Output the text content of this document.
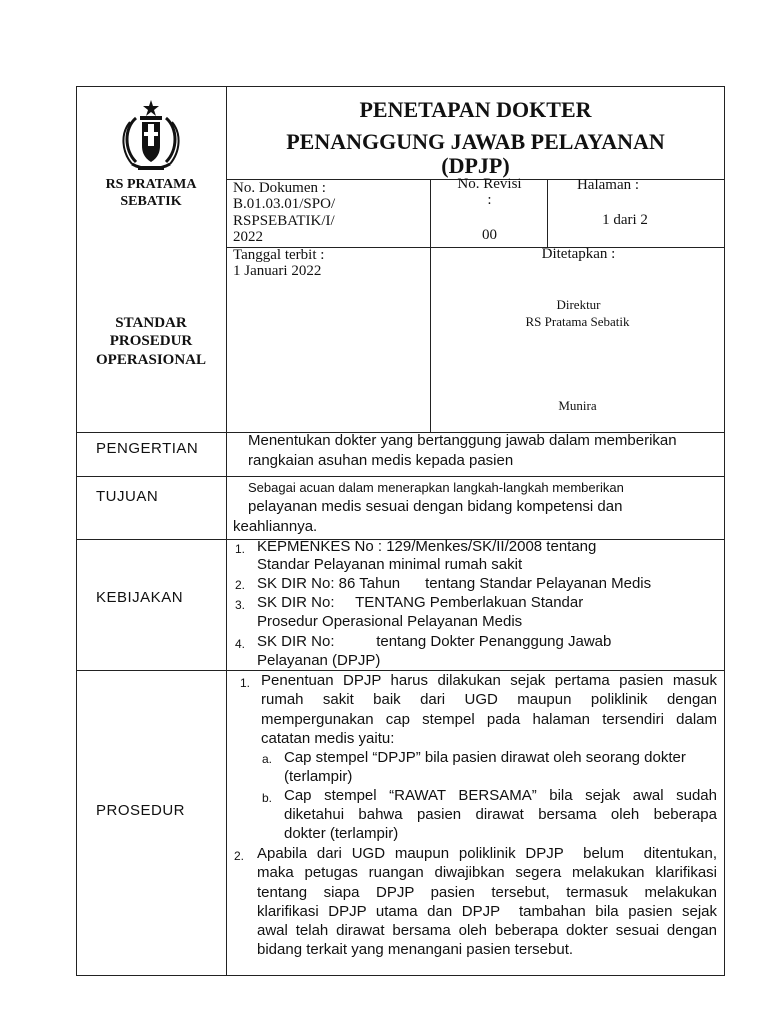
RS PRATAMA
SEBATIK
PENETAPAN DOKTER
PENANGGUNG JAWAB PELAYANAN
(DPJP)
No. Dokumen :
B.01.03.01/SPO/
RSPSEBATIK/I/
2022
No. Revisi
:
00
Halaman :
1 dari 2
STANDAR
PROSEDUR
OPERASIONAL
Tanggal terbit :
1 Januari 2022
Ditetapkan :
Direktur
RS Pratama Sebatik
Munira
PENGERTIAN	Menentukan dokter yang bertanggung jawab dalam memberikan
rangkaian asuhan medis kepada pasien
TUJUAN
Sebagai acuan dalam menerapkan langkah-langkah memberikan
pelayanan medis sesuai dengan bidang kompetensi dan
keahliannya.
KEBIJAKAN
1. KEPMENKES No : 129/Menkes/SK/II/2008 tentang
Standar Pelayanan minimal rumah sakit
2. SK DIR No: 86 Tahun      tentang Standar Pelayanan Medis
3. SK DIR No:     TENTANG Pemberlakuan Standar
Prosedur Operasional Pelayanan Medis
4. SK DIR No:          tentang Dokter Penanggung Jawab
Pelayanan (DPJP)
PROSEDUR
1. Penentuan DPJP harus dilakukan sejak pertama pasien masuk
rumah sakit baik dari UGD maupun poliklinik dengan
mempergunakan cap stempel pada halaman tersendiri dalam
catatan medis yaitu:
a. Cap stempel “DPJP” bila pasien dirawat oleh seorang dokter
(terlampir)
b. Cap stempel “RAWAT BERSAMA” bila sejak awal sudah
diketahui bahwa pasien dirawat bersama oleh beberapa
dokter (terlampir)
2. Apabila dari UGD maupun poliklinik DPJP  belum  ditentukan,
maka petugas ruangan diwajibkan segera melakukan klarifikasi
tentang siapa DPJP pasien tersebut, termasuk melakukan
klarifikasi DPJP utama dan DPJP  tambahan bila pasien sejak
awal telah dirawat bersama oleh beberapa dokter sesuai dengan
bidang terkait yang menangani pasien tersebut.
